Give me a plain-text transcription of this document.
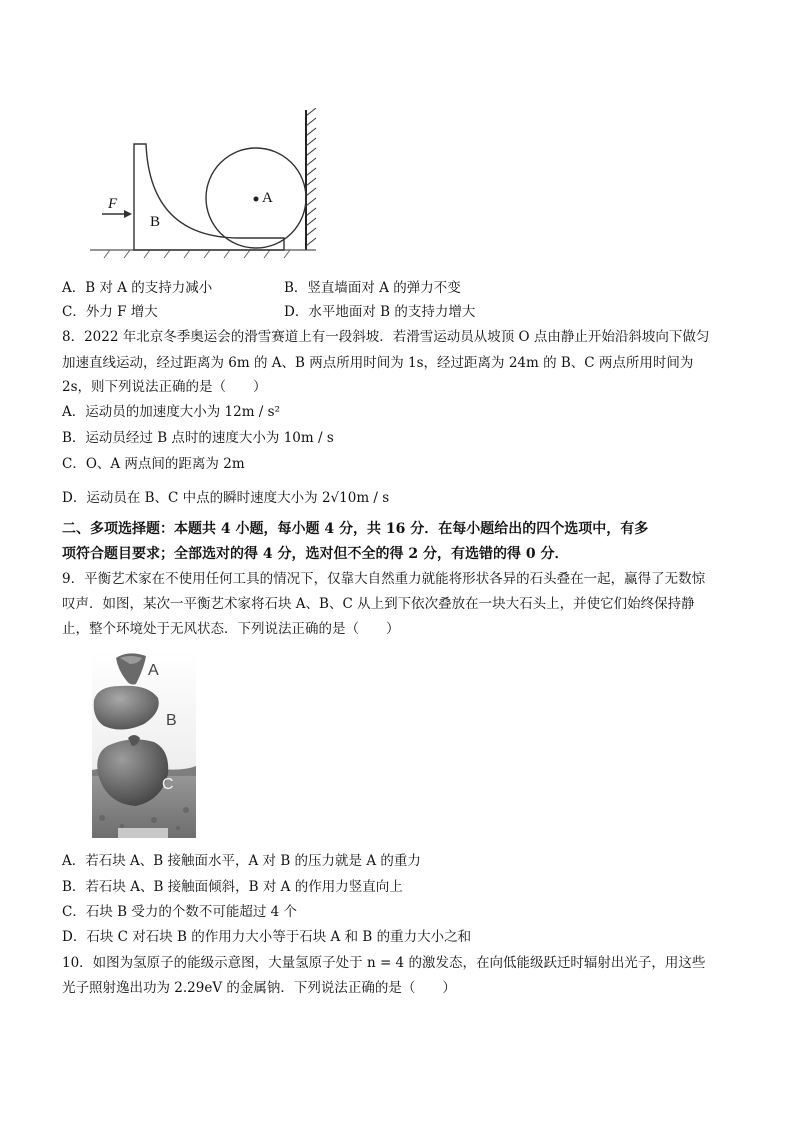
F
B
A
A．B 对 A 的支持力减小	B．竖直墙面对 A 的弹力不变
C．外力 F 增大	D．水平地面对 B 的支持力增大
8．2022 年北京冬季奥运会的滑雪赛道上有一段斜坡．若滑雪运动员从坡顶 O 点由静止开始沿斜坡向下做匀
加速直线运动，经过距离为 6m 的 A、B 两点所用时间为 1s，经过距离为 24m 的 B、C 两点所用时间为
2s，则下列说法正确的是（　　）
A．运动员的加速度大小为 12m / s²
B．运动员经过 B 点时的速度大小为 10m / s
C．O、A 两点间的距离为 2m
D．运动员在 B、C 中点的瞬时速度大小为 2√10m / s
二、多项选择题：本题共 4 小题，每小题 4 分，共 16 分．在每小题给出的四个选项中，有多
项符合题目要求；全部选对的得 4 分，选对但不全的得 2 分，有选错的得 0 分．
9．平衡艺术家在不使用任何工具的情况下，仅靠大自然重力就能将形状各异的石头叠在一起，赢得了无数惊
叹声．如图，某次一平衡艺术家将石块 A、B、C 从上到下依次叠放在一块大石头上，并使它们始终保持静
止，整个环境处于无风状态．下列说法正确的是（　　）
A
B
C
A．若石块 A、B 接触面水平，A 对 B 的压力就是 A 的重力
B．若石块 A、B 接触面倾斜，B 对 A 的作用力竖直向上
C．石块 B 受力的个数不可能超过 4 个
D．石块 C 对石块 B 的作用力大小等于石块 A 和 B 的重力大小之和
10．如图为氢原子的能级示意图，大量氢原子处于 n = 4 的激发态，在向低能级跃迁时辐射出光子，用这些
光子照射逸出功为 2.29eV 的金属钠．下列说法正确的是（　　）
